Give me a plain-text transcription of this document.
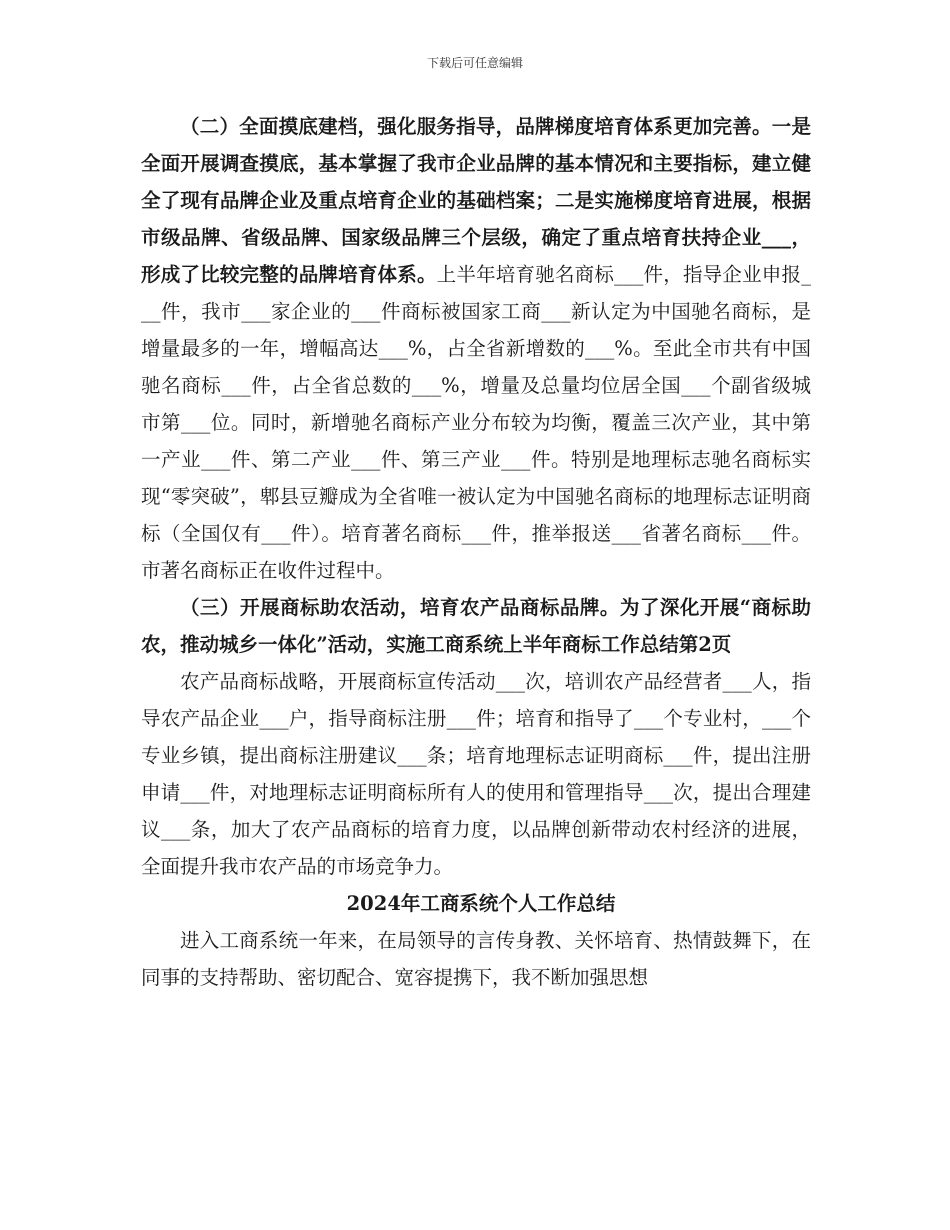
下载后可任意编辑

（二）全面摸底建档，强化服务指导，品牌梯度培育体系更加完善。一是全面开展调查摸底，基本掌握了我市企业品牌的基本情况和主要指标，建立健全了现有品牌企业及重点培育企业的基础档案；二是实施梯度培育进展，根据市级品牌、省级品牌、国家级品牌三个层级，确定了重点培育扶持企业___，形成了比较完整的品牌培育体系。上半年培育驰名商标___件，指导企业申报___件，我市___家企业的___件商标被国家工商___新认定为中国驰名商标，是增量最多的一年，增幅高达___%，占全省新增数的___%。至此全市共有中国驰名商标___件，占全省总数的___%，增量及总量均位居全国___个副省级城市第___位。同时，新增驰名商标产业分布较为均衡，覆盖三次产业，其中第一产业___件、第二产业___件、第三产业___件。特别是地理标志驰名商标实现“零突破”，郫县豆瓣成为全省唯一被认定为中国驰名商标的地理标志证明商标（全国仅有___件）。培育著名商标___件，推举报送___省著名商标___件。市著名商标正在收件过程中。

（三）开展商标助农活动，培育农产品商标品牌。为了深化开展“商标助农，推动城乡一体化”活动，实施工商系统上半年商标工作总结第2页

农产品商标战略，开展商标宣传活动___次，培训农产品经营者___人，指导农产品企业___户，指导商标注册___件；培育和指导了___个专业村，___个专业乡镇，提出商标注册建议___条；培育地理标志证明商标___件，提出注册申请___件，对地理标志证明商标所有人的使用和管理指导___次，提出合理建议___条，加大了农产品商标的培育力度，以品牌创新带动农村经济的进展，全面提升我市农产品的市场竞争力。

2024年工商系统个人工作总结

进入工商系统一年来，在局领导的言传身教、关怀培育、热情鼓舞下，在同事的支持帮助、密切配合、宽容提携下，我不断加强思想
